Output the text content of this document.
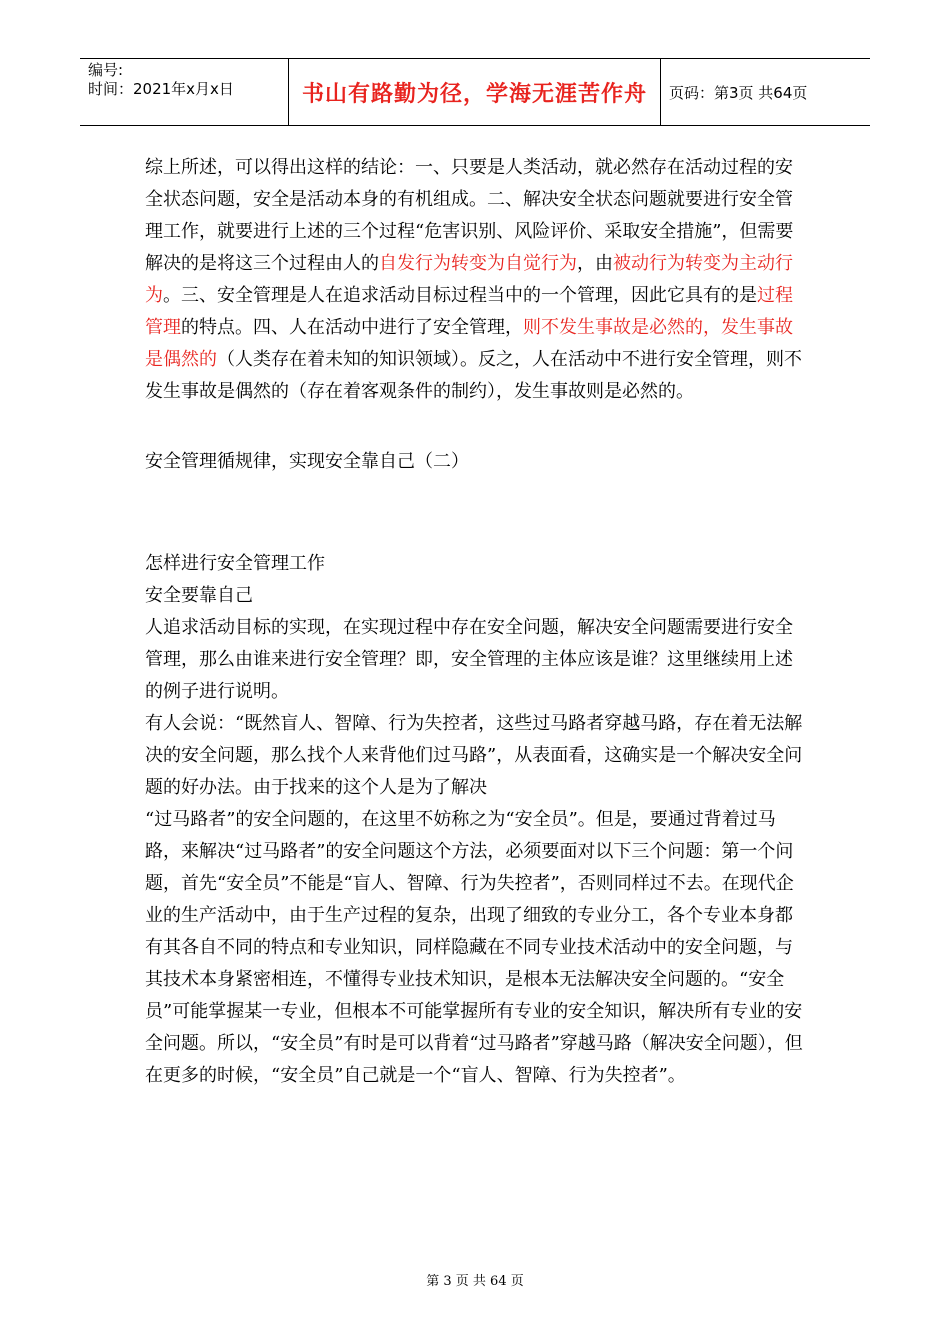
编号:
时间：2021年x月x日	书山有路勤为径，学海无涯苦作舟	页码：第3页 共64页

综上所述，可以得出这样的结论：一、只要是人类活动，就必然存在活动过程的安全状态问题，安全是活动本身的有机组成。二、解决安全状态问题就要进行安全管理工作，就要进行上述的三个过程“危害识别、风险评价、采取安全措施”，但需要解决的是将这三个过程由人的自发行为转变为自觉行为，由被动行为转变为主动行为。三、安全管理是人在追求活动目标过程当中的一个管理，因此它具有的是过程管理的特点。四、人在活动中进行了安全管理，则不发生事故是必然的，发生事故是偶然的（人类存在着未知的知识领域）。反之，人在活动中不进行安全管理，则不发生事故是偶然的（存在着客观条件的制约），发生事故则是必然的。

安全管理循规律，实现安全靠自己（二）

怎样进行安全管理工作

安全要靠自己

人追求活动目标的实现，在实现过程中存在安全问题，解决安全问题需要进行安全管理，那么由谁来进行安全管理？即，安全管理的主体应该是谁？这里继续用上述的例子进行说明。

有人会说：“既然盲人、智障、行为失控者，这些过马路者穿越马路，存在着无法解决的安全问题，那么找个人来背他们过马路”，从表面看，这确实是一个解决安全问题的好办法。由于找来的这个人是为了解决

“过马路者”的安全问题的，在这里不妨称之为“安全员”。但是，要通过背着过马路，来解决“过马路者”的安全问题这个方法，必须要面对以下三个问题：第一个问题，首先“安全员”不能是“盲人、智障、行为失控者”，否则同样过不去。在现代企业的生产活动中，由于生产过程的复杂，出现了细致的专业分工，各个专业本身都有其各自不同的特点和专业知识，同样隐藏在不同专业技术活动中的安全问题，与其技术本身紧密相连，不懂得专业技术知识，是根本无法解决安全问题的。“安全员”可能掌握某一专业，但根本不可能掌握所有专业的安全知识，解决所有专业的安全问题。所以，“安全员”有时是可以背着“过马路者”穿越马路（解决安全问题），但在更多的时候，“安全员”自己就是一个“盲人、智障、行为失控者”。

第 3 页 共 64 页
